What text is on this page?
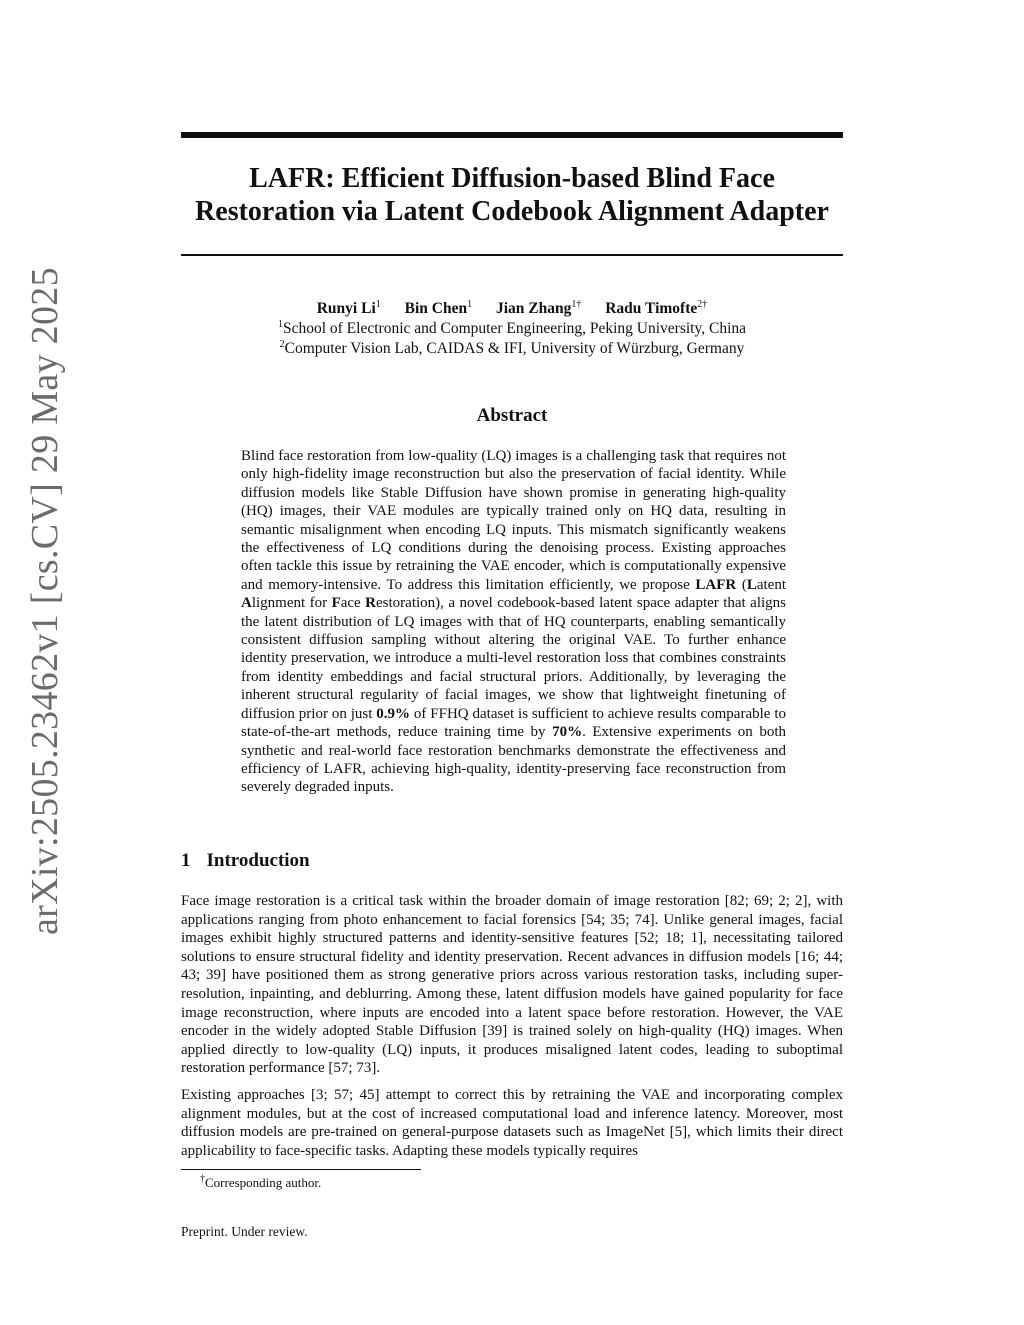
arXiv:2505.23462v1 [cs.CV] 29 May 2025
LAFR: Efficient Diffusion-based Blind Face
Restoration via Latent Codebook Alignment Adapter
Runyi Li$^1$ Bin Chen$^1$ Jian Zhang$^{1\dagger}$ Radu Timofte$^{2\dagger}$
$^1$School of Electronic and Computer Engineering, Peking University, China
$^2$Computer Vision Lab, CAIDAS & IFI, University of Würzburg, Germany
Abstract
Blind face restoration from low-quality (LQ) images is a challenging task that requires not only high-fidelity image reconstruction but also the preservation of facial identity. While diffusion models like Stable Diffusion have shown promise in generating high-quality (HQ) images, their VAE modules are typically trained only on HQ data, resulting in semantic misalignment when encoding LQ inputs. This mismatch significantly weakens the effectiveness of LQ conditions during the denoising process. Existing approaches often tackle this issue by retraining the VAE encoder, which is computationally expensive and memory-intensive. To address this limitation efficiently, we propose LAFR (Latent Alignment for Face Restoration), a novel codebook-based latent space adapter that aligns the latent distribution of LQ images with that of HQ counterparts, enabling semantically consistent diffusion sampling without altering the original VAE. To further enhance identity preservation, we introduce a multi-level restoration loss that combines constraints from identity embeddings and facial structural priors. Additionally, by leveraging the inherent structural regularity of facial images, we show that lightweight finetuning of diffusion prior on just 0.9% of FFHQ dataset is sufficient to achieve results comparable to state-of-the-art methods, reduce training time by 70%. Extensive experiments on both synthetic and real-world face restoration benchmarks demonstrate the effectiveness and efficiency of LAFR, achieving high-quality, identity-preserving face reconstruction from severely degraded inputs.
1 Introduction

Face image restoration is a critical task within the broader domain of image restoration [82; 69; 2; 2], with applications ranging from photo enhancement to facial forensics [54; 35; 74]. Unlike general images, facial images exhibit highly structured patterns and identity-sensitive features [52; 18; 1], necessitating tailored solutions to ensure structural fidelity and identity preservation. Recent advances in diffusion models [16; 44; 43; 39] have positioned them as strong generative priors across various restoration tasks, including super-resolution, inpainting, and deblurring. Among these, latent diffusion models have gained popularity for face image reconstruction, where inputs are encoded into a latent space before restoration. However, the VAE encoder in the widely adopted Stable Diffusion [39] is trained solely on high-quality (HQ) images. When applied directly to low-quality (LQ) inputs, it produces misaligned latent codes, leading to suboptimal restoration performance [57; 73].

Existing approaches [3; 57; 45] attempt to correct this by retraining the VAE and incorporating complex alignment modules, but at the cost of increased computational load and inference latency. Moreover, most diffusion models are pre-trained on general-purpose datasets such as ImageNet [5], which limits their direct applicability to face-specific tasks. Adapting these models typically requires

†Corresponding author.
Preprint. Under review.
